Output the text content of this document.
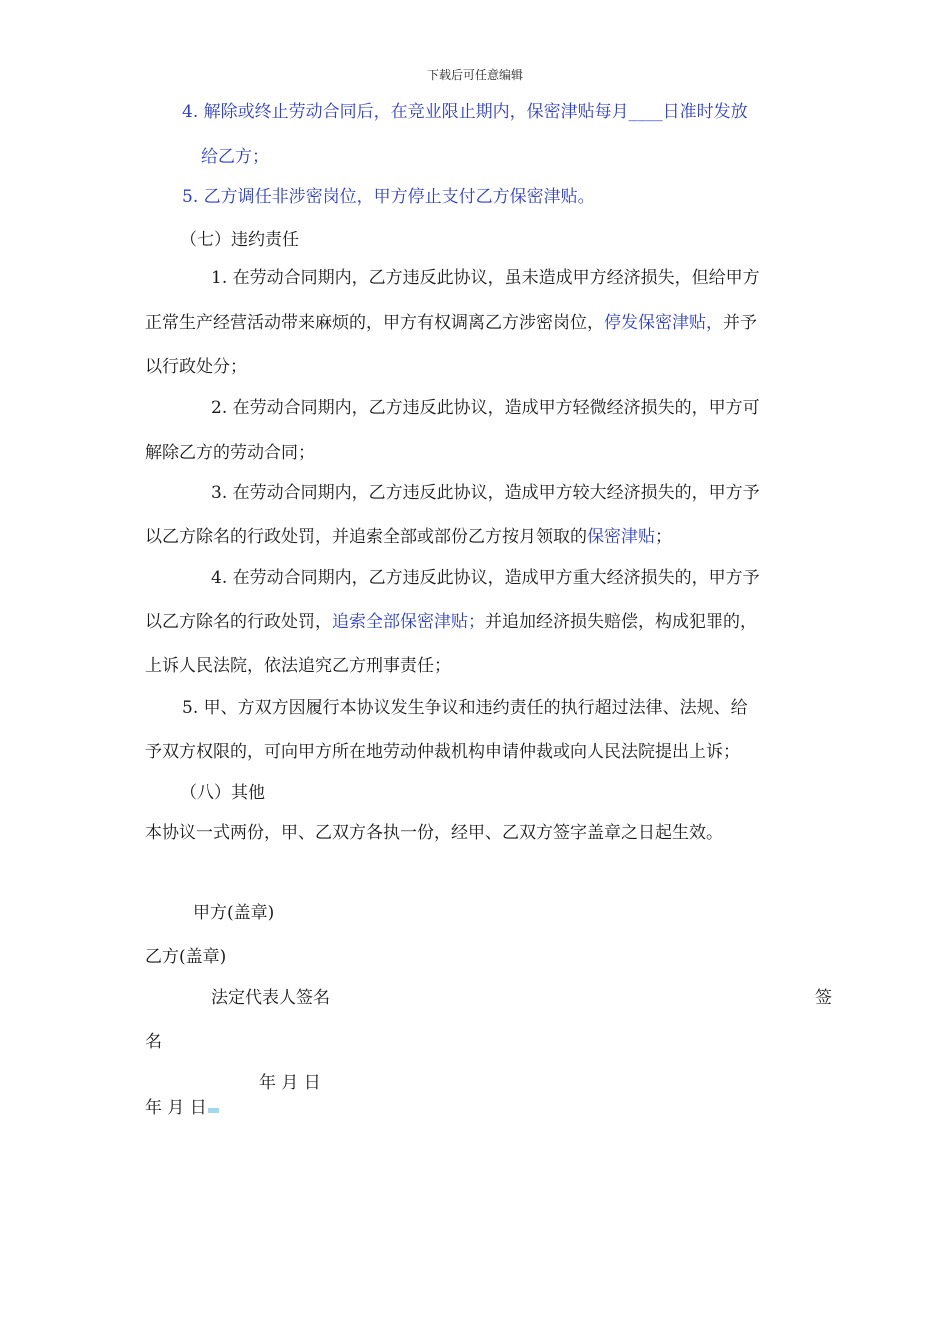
下载后可任意编辑
4. 解除或终止劳动合同后，在竞业限止期内，保密津贴每月____日准时发放
给乙方；
5. 乙方调任非涉密岗位，甲方停止支付乙方保密津贴。
（七）违约责任
1. 在劳动合同期内，乙方违反此协议，虽未造成甲方经济损失，但给甲方
正常生产经营活动带来麻烦的，甲方有权调离乙方涉密岗位，停发保密津贴，并予
以行政处分；
2. 在劳动合同期内，乙方违反此协议，造成甲方轻微经济损失的，甲方可
解除乙方的劳动合同；
3. 在劳动合同期内，乙方违反此协议，造成甲方较大经济损失的，甲方予
以乙方除名的行政处罚，并追索全部或部份乙方按月领取的保密津贴；
4. 在劳动合同期内，乙方违反此协议，造成甲方重大经济损失的，甲方予
以乙方除名的行政处罚，追索全部保密津贴；并追加经济损失赔偿，构成犯罪的，
上诉人民法院，依法追究乙方刑事责任；
5. 甲、方双方因履行本协议发生争议和违约责任的执行超过法律、法规、给
予双方权限的，可向甲方所在地劳动仲裁机构申请仲裁或向人民法院提出上诉；
（八）其他
本协议一式两份，甲、乙双方各执一份，经甲、乙双方签字盖章之日起生效。
甲方(盖章)
乙方(盖章)
法定代表人签名	签
名
年 月 日
年 月 日
